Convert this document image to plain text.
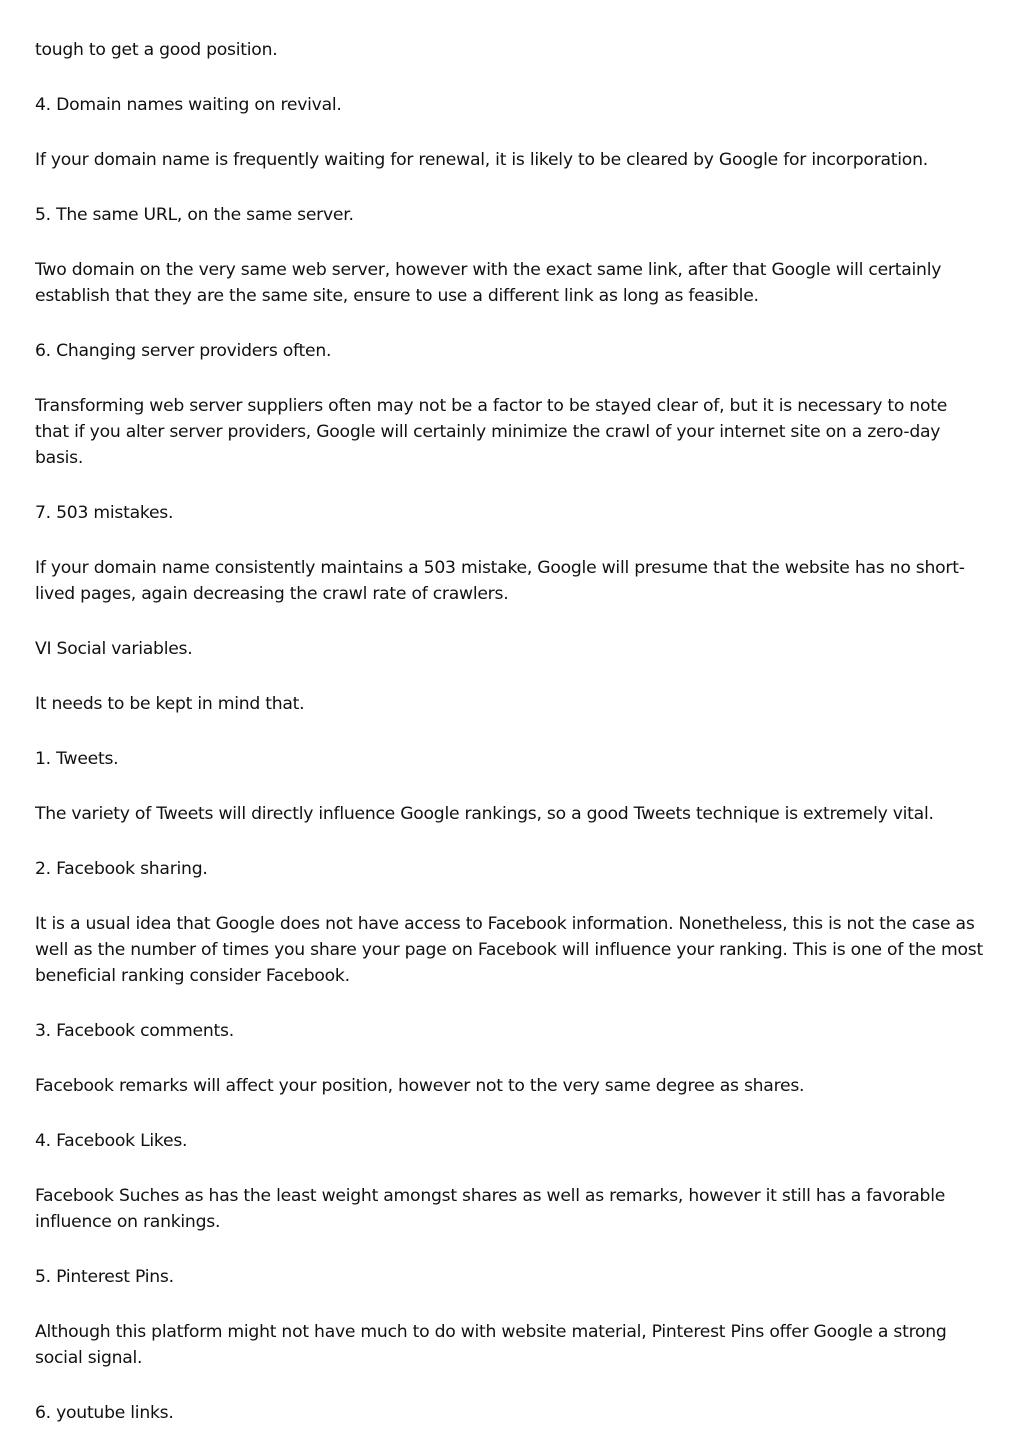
tough to get a good position.

4. Domain names waiting on revival.

If your domain name is frequently waiting for renewal, it is likely to be cleared by Google for incorporation.

5. The same URL, on the same server.

Two domain on the very same web server, however with the exact same link, after that Google will certainly establish that they are the same site, ensure to use a different link as long as feasible.

6. Changing server providers often.

Transforming web server suppliers often may not be a factor to be stayed clear of, but it is necessary to note that if you alter server providers, Google will certainly minimize the crawl of your internet site on a zero-day basis.

7. 503 mistakes.

If your domain name consistently maintains a 503 mistake, Google will presume that the website has no short-lived pages, again decreasing the crawl rate of crawlers.

VI Social variables.

It needs to be kept in mind that.

1. Tweets.

The variety of Tweets will directly influence Google rankings, so a good Tweets technique is extremely vital.

2. Facebook sharing.

It is a usual idea that Google does not have access to Facebook information. Nonetheless, this is not the case as well as the number of times you share your page on Facebook will influence your ranking. This is one of the most beneficial ranking consider Facebook.

3. Facebook comments.

Facebook remarks will affect your position, however not to the very same degree as shares.

4. Facebook Likes.

Facebook Suches as has the least weight amongst shares as well as remarks, however it still has a favorable influence on rankings.

5. Pinterest Pins.

Although this platform might not have much to do with website material, Pinterest Pins offer Google a strong social signal.

6. youtube links.
